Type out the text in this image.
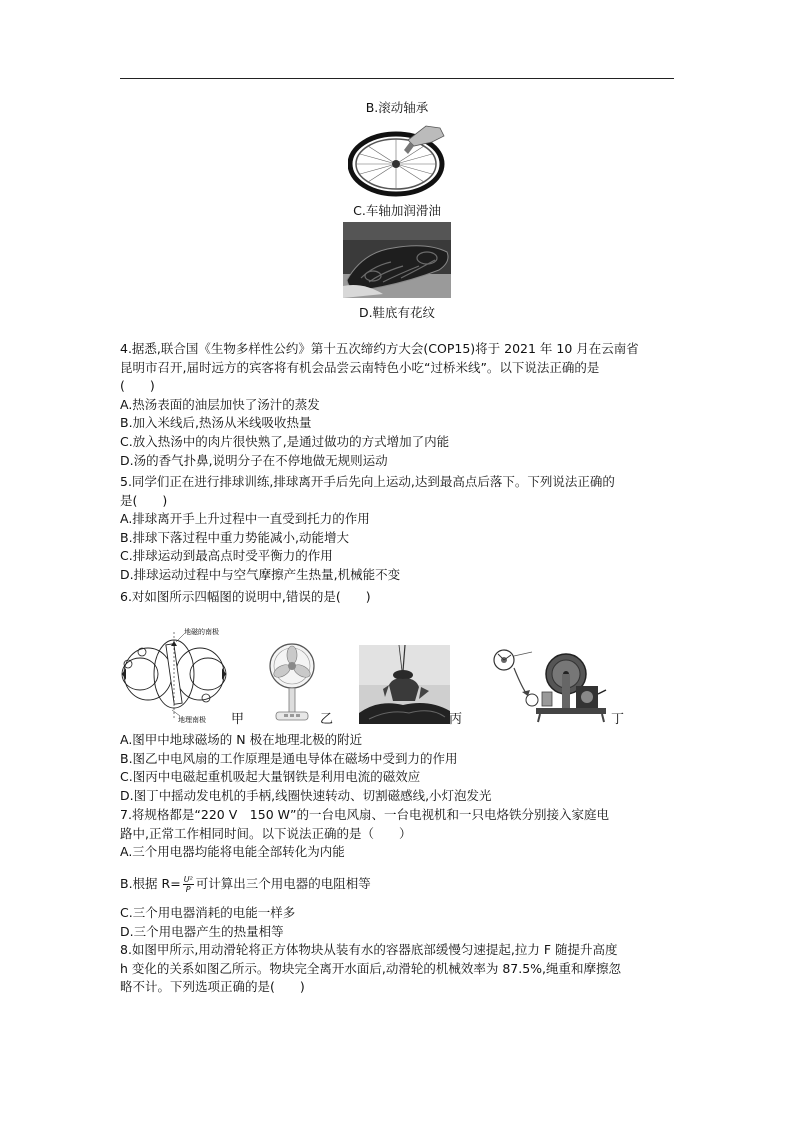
B.滚动轴承
C.车轴加润滑油
D.鞋底有花纹
4.据悉,联合国《生物多样性公约》第十五次缔约方大会(COP15)将于 2021 年 10 月在云南省
昆明市召开,届时远方的宾客将有机会品尝云南特色小吃“过桥米线”。以下说法正确的是
(　　)
A.热汤表面的油层加快了汤汁的蒸发
B.加入米线后,热汤从米线吸收热量
C.放入热汤中的肉片很快熟了,是通过做功的方式增加了内能
D.汤的香气扑鼻,说明分子在不停地做无规则运动
5.同学们正在进行排球训练,排球离开手后先向上运动,达到最高点后落下。下列说法正确的
是(　　)
A.排球离开手上升过程中一直受到托力的作用
B.排球下落过程中重力势能减小,动能增大
C.排球运动到最高点时受平衡力的作用
D.排球运动过程中与空气摩擦产生热量,机械能不变
6.对如图所示四幅图的说明中,错误的是(　　)
地磁的南极
地理南极 甲	乙	丙	丁
A.图甲中地球磁场的 N 极在地理北极的附近
B.图乙中电风扇的工作原理是通电导体在磁场中受到力的作用
C.图丙中电磁起重机吸起大量钢铁是利用电流的磁效应
D.图丁中摇动发电机的手柄,线圈快速转动、切割磁感线,小灯泡发光
7.将规格都是“220 V　150 W”的一台电风扇、一台电视机和一只电烙铁分别接入家庭电
路中,正常工作相同时间。以下说法正确的是（　　）
A.三个用电器均能将电能全部转化为内能
B.根据 $R= \frac{\text{U²}}{P}$ 可计算出三个用电器的电阻相等
C.三个用电器消耗的电能一样多
D.三个用电器产生的热量相等
8.如图甲所示,用动滑轮将正方体物块从装有水的容器底部缓慢匀速提起,拉力 F 随提升高度
h 变化的关系如图乙所示。物块完全离开水面后,动滑轮的机械效率为 87.5%,绳重和摩擦忽
略不计。下列选项正确的是(　　)
